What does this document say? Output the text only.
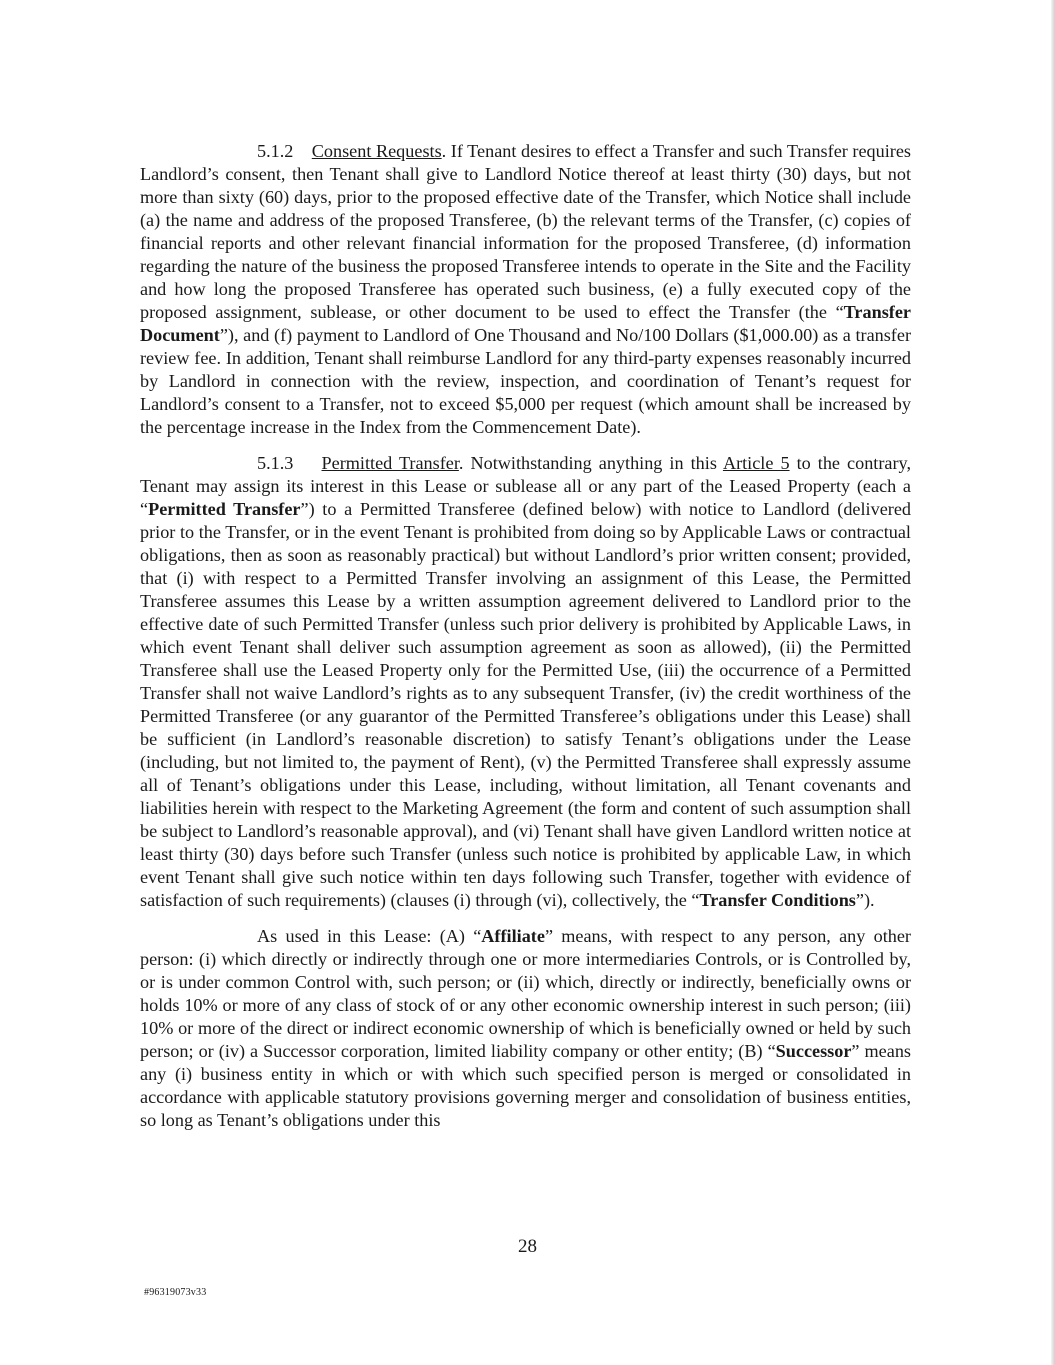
5.1.2 Consent Requests. If Tenant desires to effect a Transfer and such Transfer requires Landlord’s consent, then Tenant shall give to Landlord Notice thereof at least thirty (30) days, but not more than sixty (60) days, prior to the proposed effective date of the Transfer, which Notice shall include (a) the name and address of the proposed Transferee, (b) the relevant terms of the Transfer, (c) copies of financial reports and other relevant financial information for the proposed Transferee, (d) information regarding the nature of the business the proposed Transferee intends to operate in the Site and the Facility and how long the proposed Transferee has operated such business, (e) a fully executed copy of the proposed assignment, sublease, or other document to be used to effect the Transfer (the “Transfer Document”), and (f) payment to Landlord of One Thousand and No/100 Dollars ($1,000.00) as a transfer review fee. In addition, Tenant shall reimburse Landlord for any third-party expenses reasonably incurred by Landlord in connection with the review, inspection, and coordination of Tenant’s request for Landlord’s consent to a Transfer, not to exceed $5,000 per request (which amount shall be increased by the percentage increase in the Index from the Commencement Date).

5.1.3 Permitted Transfer. Notwithstanding anything in this Article 5 to the contrary, Tenant may assign its interest in this Lease or sublease all or any part of the Leased Property (each a “Permitted Transfer”) to a Permitted Transferee (defined below) with notice to Landlord (delivered prior to the Transfer, or in the event Tenant is prohibited from doing so by Applicable Laws or contractual obligations, then as soon as reasonably practical) but without Landlord’s prior written consent; provided, that (i) with respect to a Permitted Transfer involving an assignment of this Lease, the Permitted Transferee assumes this Lease by a written assumption agreement delivered to Landlord prior to the effective date of such Permitted Transfer (unless such prior delivery is prohibited by Applicable Laws, in which event Tenant shall deliver such assumption agreement as soon as allowed), (ii) the Permitted Transferee shall use the Leased Property only for the Permitted Use, (iii) the occurrence of a Permitted Transfer shall not waive Landlord’s rights as to any subsequent Transfer, (iv) the credit worthiness of the Permitted Transferee (or any guarantor of the Permitted Transferee’s obligations under this Lease) shall be sufficient (in Landlord’s reasonable discretion) to satisfy Tenant’s obligations under the Lease (including, but not limited to, the payment of Rent), (v) the Permitted Transferee shall expressly assume all of Tenant’s obligations under this Lease, including, without limitation, all Tenant covenants and liabilities herein with respect to the Marketing Agreement (the form and content of such assumption shall be subject to Landlord’s reasonable approval), and (vi) Tenant shall have given Landlord written notice at least thirty (30) days before such Transfer (unless such notice is prohibited by applicable Law, in which event Tenant shall give such notice within ten days following such Transfer, together with evidence of satisfaction of such requirements) (clauses (i) through (vi), collectively, the “Transfer Conditions”).

As used in this Lease: (A) “Affiliate” means, with respect to any person, any other person: (i) which directly or indirectly through one or more intermediaries Controls, or is Controlled by, or is under common Control with, such person; or (ii) which, directly or indirectly, beneficially owns or holds 10% or more of any class of stock of or any other economic ownership interest in such person; (iii) 10% or more of the direct or indirect economic ownership of which is beneficially owned or held by such person; or (iv) a Successor corporation, limited liability company or other entity; (B) “Successor” means any (i) business entity in which or with which such specified person is merged or consolidated in accordance with applicable statutory provisions governing merger and consolidation of business entities, so long as Tenant’s obligations under this

28
#96319073v33
